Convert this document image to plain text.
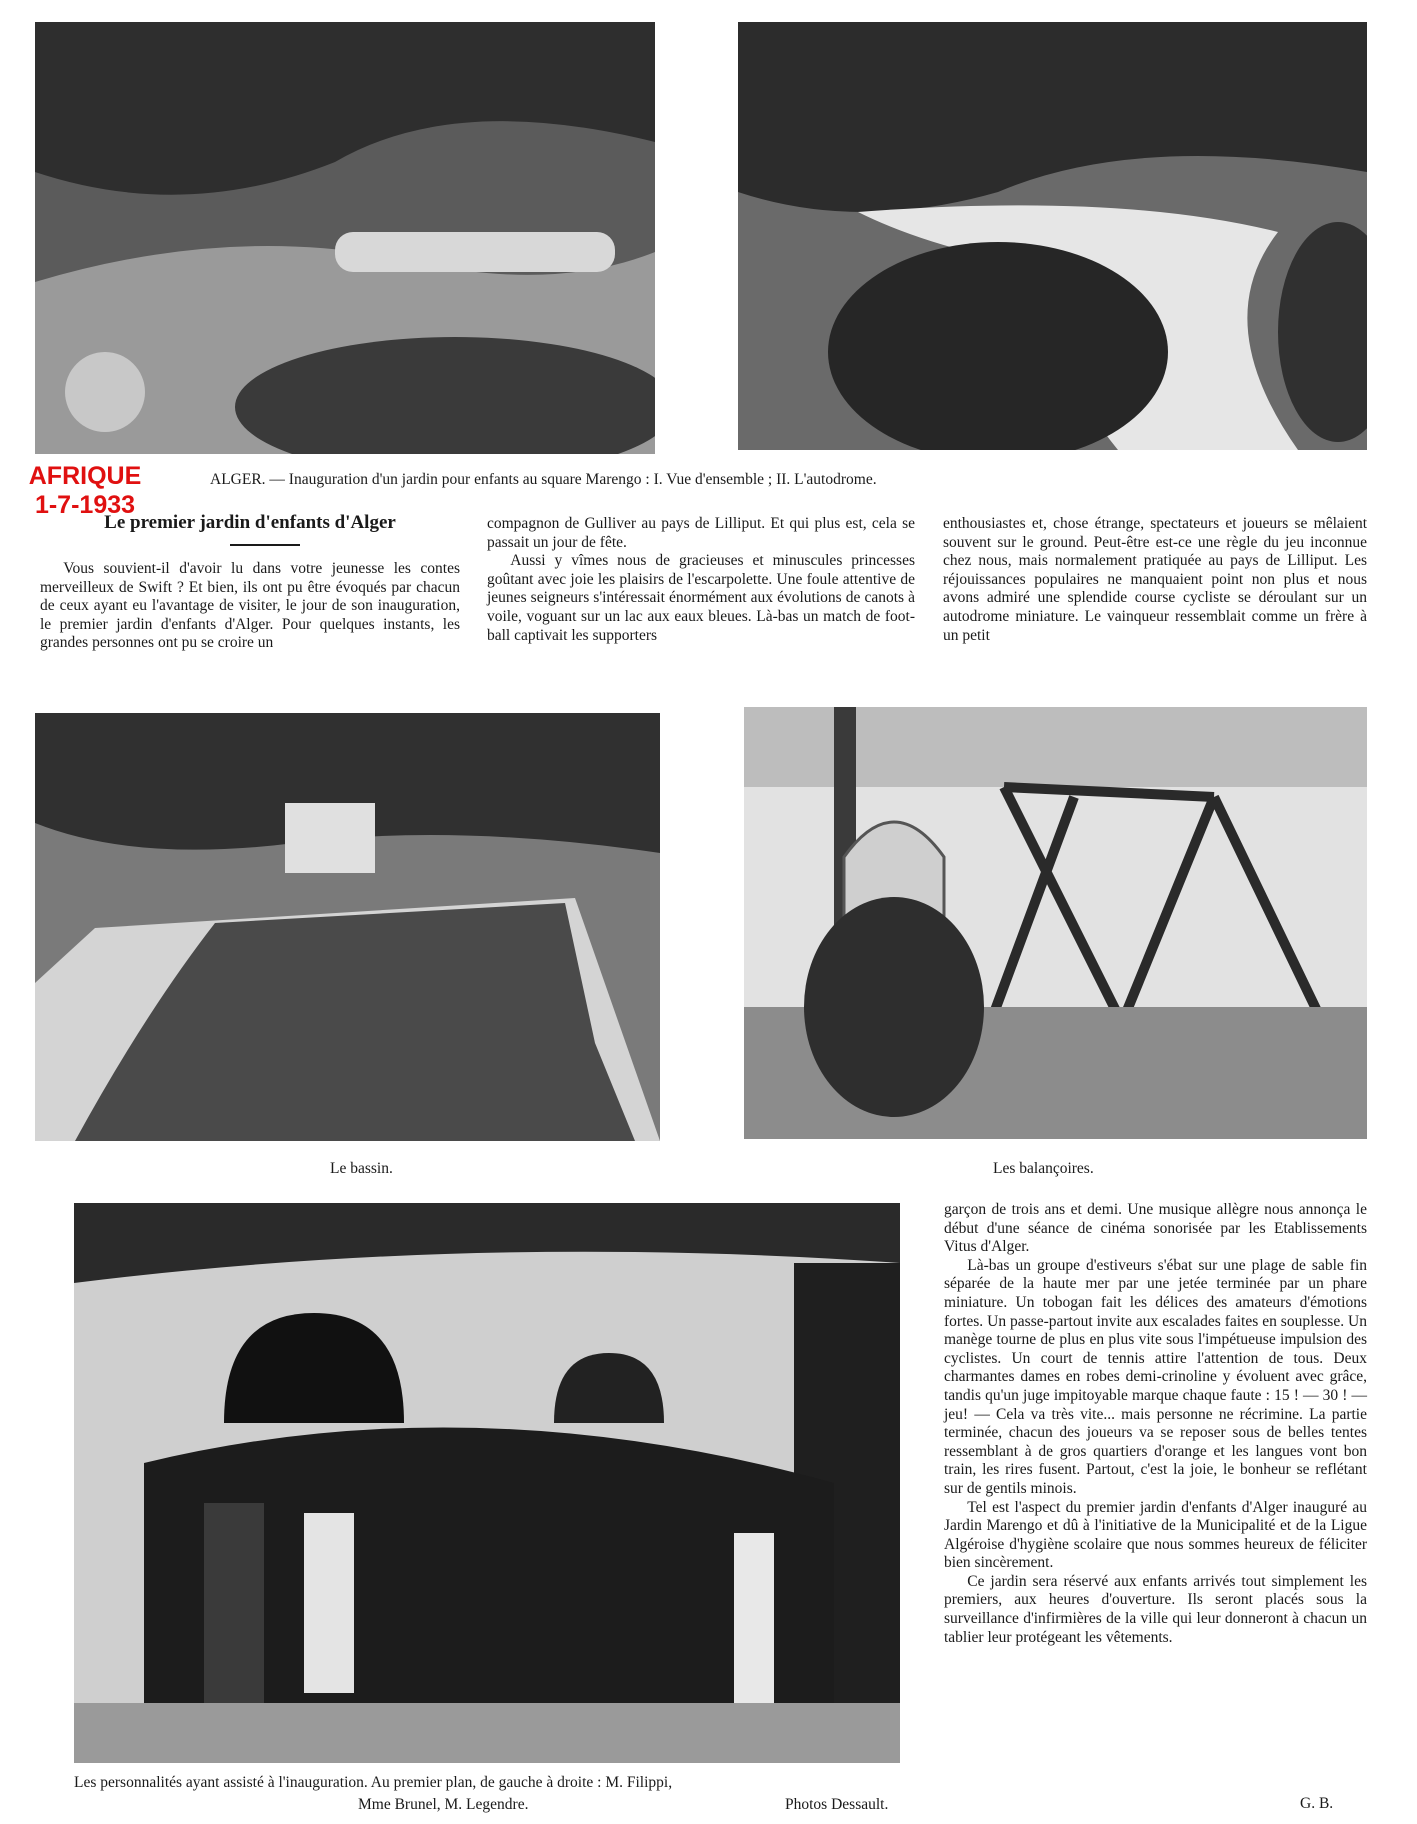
AFRIQUE
1-7-1933
ALGER. — Inauguration d'un jardin pour enfants au square Marengo : I. Vue d'ensemble ; II. L'autodrome.
Le premier jardin d'enfants d'Alger

Vous souvient-il d'avoir lu dans votre jeunesse les contes merveilleux de Swift ? Et bien, ils ont pu être évoqués par chacun de ceux ayant eu l'avantage de visiter, le jour de son inauguration, le premier jardin d'enfants d'Alger. Pour quelques instants, les grandes personnes ont pu se croire un

compagnon de Gulliver au pays de Lilliput. Et qui plus est, cela se passait un jour de fête.

Aussi y vîmes nous de gracieuses et minuscules princesses goûtant avec joie les plaisirs de l'escarpolette. Une foule attentive de jeunes seigneurs s'intéressait énormément aux évolutions de canots à voile, voguant sur un lac aux eaux bleues. Là-bas un match de foot-ball captivait les supporters

enthousiastes et, chose étrange, spectateurs et joueurs se mêlaient souvent sur le ground. Peut-être est-ce une règle du jeu inconnue chez nous, mais normalement pratiquée au pays de Lilliput. Les réjouissances populaires ne manquaient point non plus et nous avons admiré une splendide course cycliste se déroulant sur un autodrome miniature. Le vainqueur ressemblait comme un frère à un petit

Le bassin.	Les balançoires.

garçon de trois ans et demi. Une musique allègre nous annonça le début d'une séance de cinéma sonorisée par les Etablissements Vitus d'Alger.

Là-bas un groupe d'estiveurs s'ébat sur une plage de sable fin séparée de la haute mer par une jetée terminée par un phare miniature. Un tobogan fait les délices des amateurs d'émotions fortes. Un passe-partout invite aux escalades faites en souplesse. Un manège tourne de plus en plus vite sous l'impétueuse impulsion des cyclistes. Un court de tennis attire l'attention de tous. Deux charmantes dames en robes demi-crinoline y évoluent avec grâce, tandis qu'un juge impitoyable marque chaque faute : 15 ! — 30 ! — jeu! — Cela va très vite... mais personne ne récrimine. La partie terminée, chacun des joueurs va se reposer sous de belles tentes ressemblant à de gros quartiers d'orange et les langues vont bon train, les rires fusent. Partout, c'est la joie, le bonheur se reflétant sur de gentils minois.

Tel est l'aspect du premier jardin d'enfants d'Alger inauguré au Jardin Marengo et dû à l'initiative de la Municipalité et de la Ligue Algéroise d'hygiène scolaire que nous sommes heureux de féliciter bien sincèrement.

Ce jardin sera réservé aux enfants arrivés tout simplement les premiers, aux heures d'ouverture. Ils seront placés sous la surveillance d'infirmières de la ville qui leur donneront à chacun un tablier leur protégeant les vêtements.

Les personnalités ayant assisté à l'inauguration. Au premier plan, de gauche à droite : M. Filippi,
Mme Brunel, M. Legendre.	Photos Dessault.	G. B.
